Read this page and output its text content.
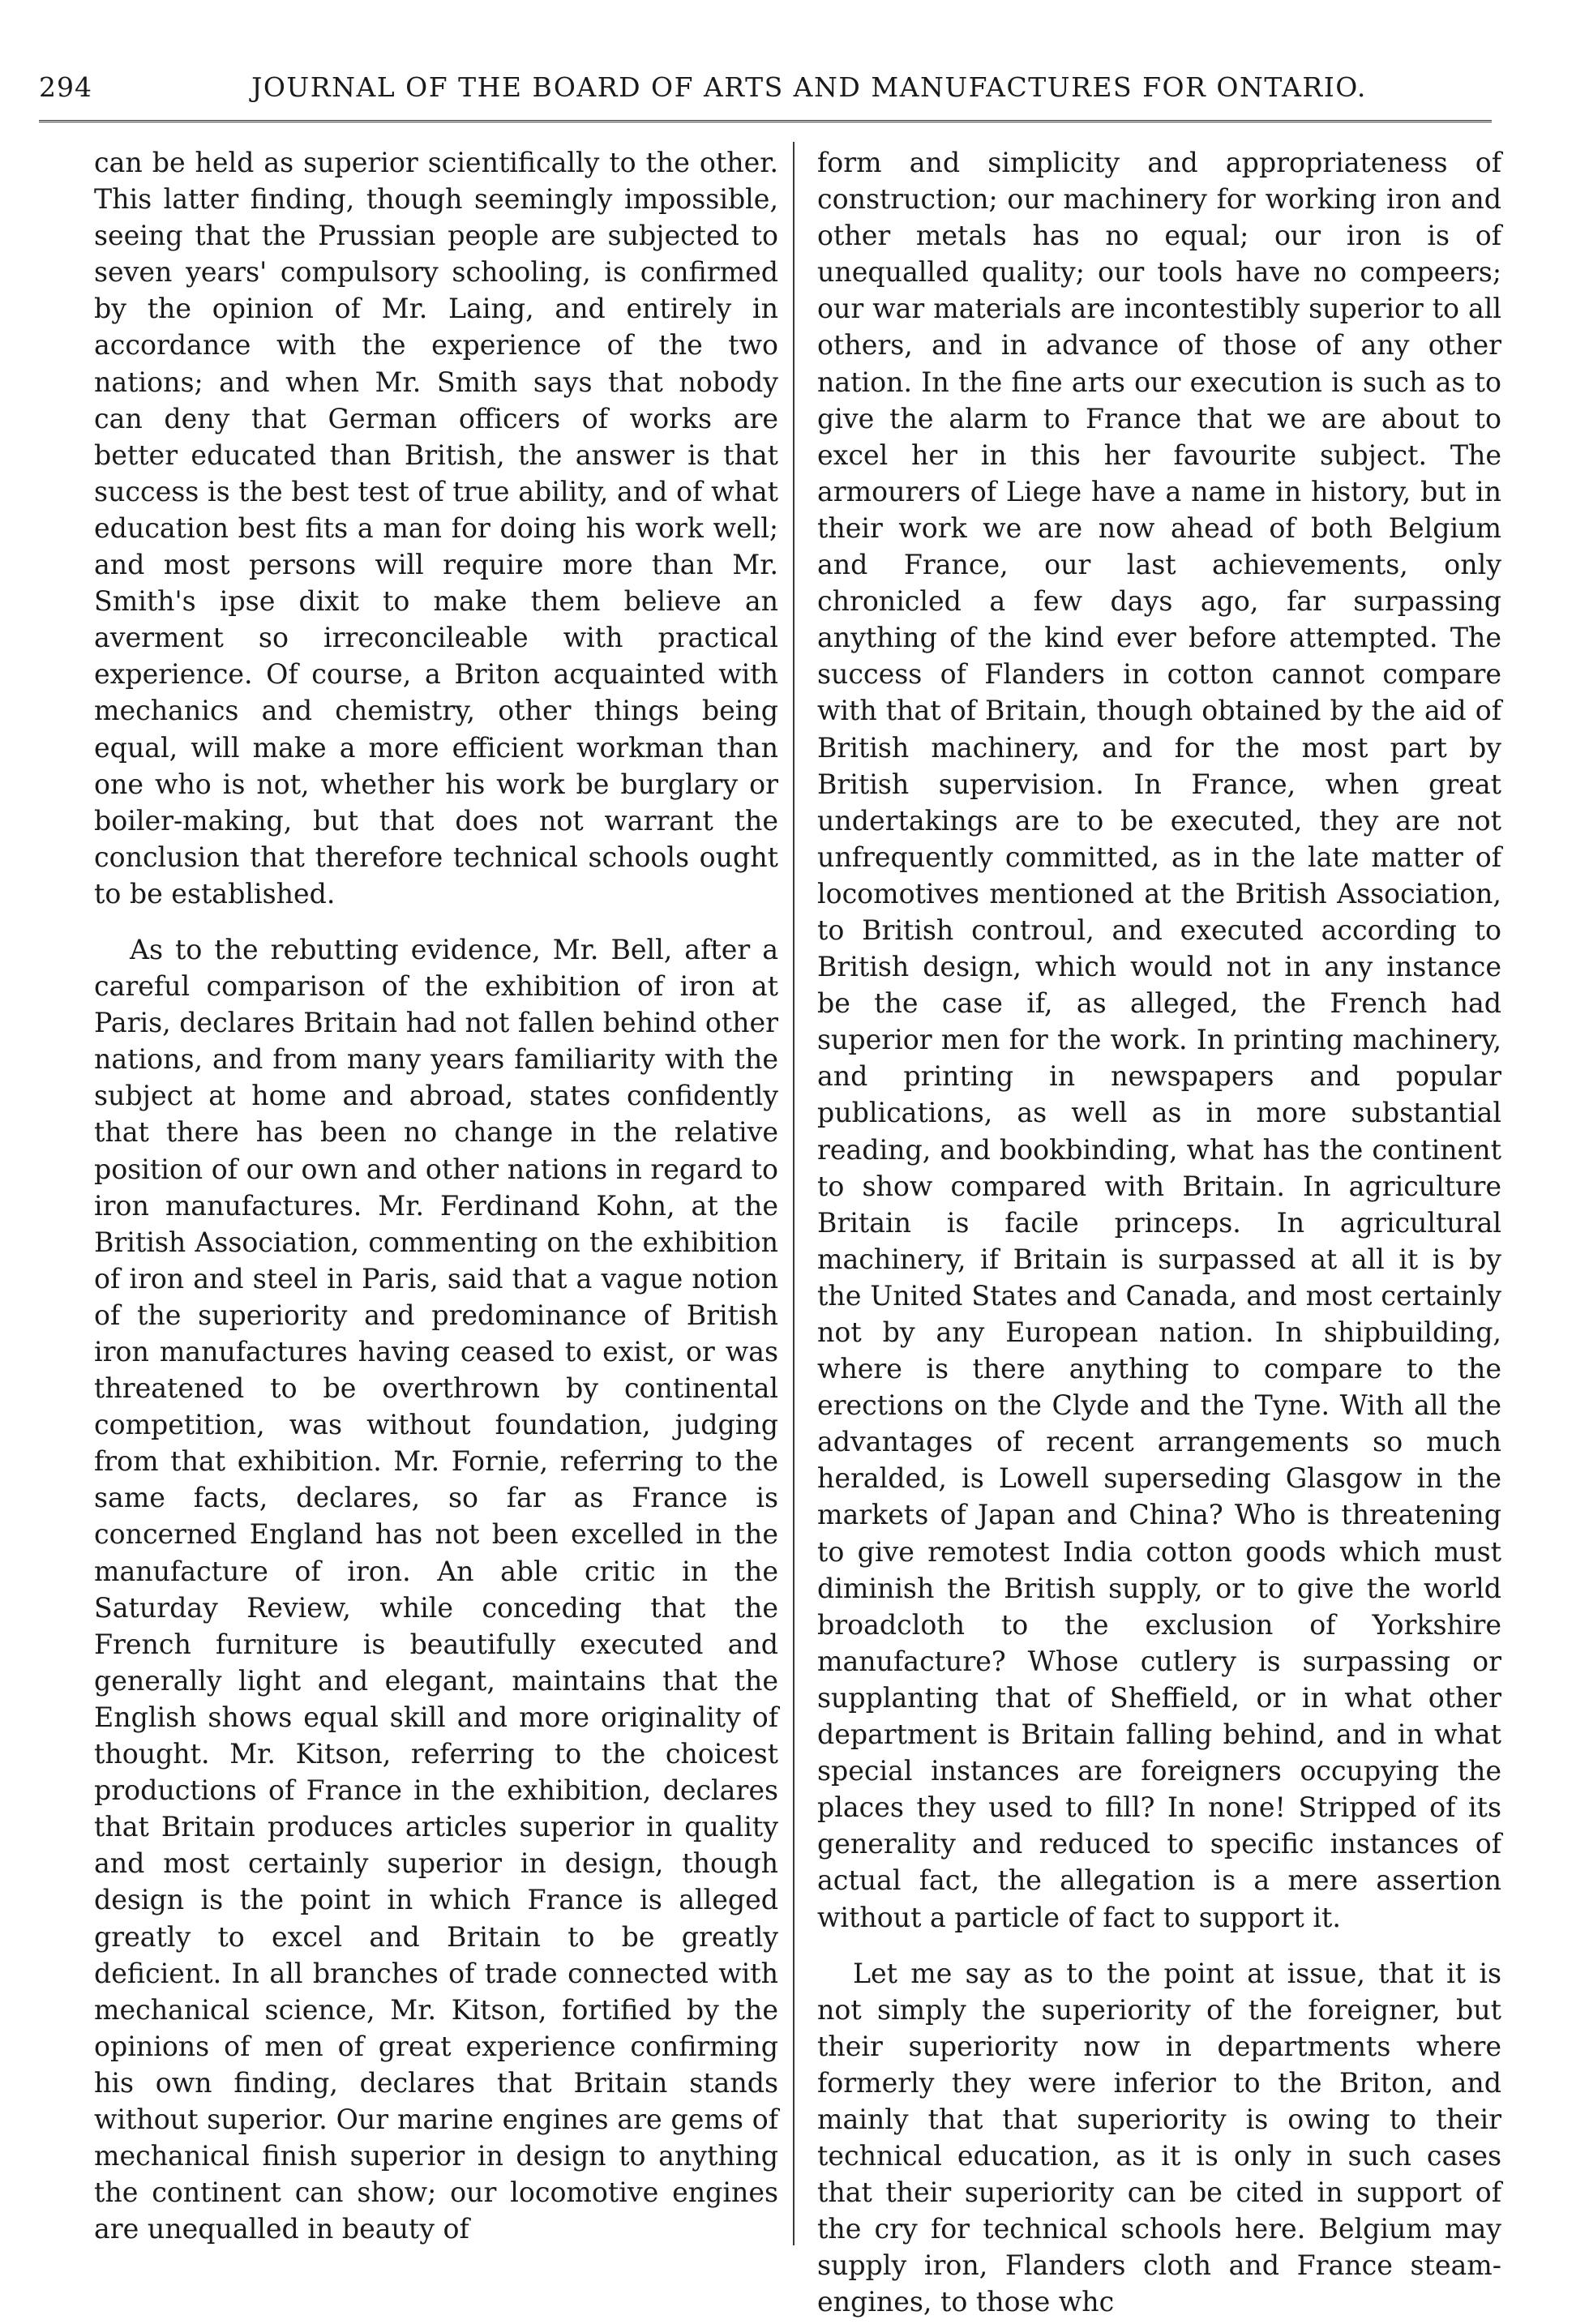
294	JOURNAL OF THE BOARD OF ARTS AND MANUFACTURES FOR ONTARIO.

can be held as superior scientifically to the other. This latter finding, though seemingly impossible, seeing that the Prussian people are subjected to seven years' compulsory schooling, is confirmed by the opinion of Mr. Laing, and entirely in accordance with the experience of the two nations; and when Mr. Smith says that nobody can deny that German officers of works are better educated than British, the answer is that success is the best test of true ability, and of what education best fits a man for doing his work well; and most persons will require more than Mr. Smith's ipse dixit to make them believe an averment so irreconcileable with practical experience. Of course, a Briton acquainted with mechanics and chemistry, other things being equal, will make a more efficient workman than one who is not, whether his work be burglary or boiler-making, but that does not warrant the conclusion that therefore technical schools ought to be established.

As to the rebutting evidence, Mr. Bell, after a careful comparison of the exhibition of iron at Paris, declares Britain had not fallen behind other nations, and from many years familiarity with the subject at home and abroad, states confidently that there has been no change in the relative position of our own and other nations in regard to iron manufactures. Mr. Ferdinand Kohn, at the British Association, commenting on the exhibition of iron and steel in Paris, said that a vague notion of the superiority and predominance of British iron manufactures having ceased to exist, or was threatened to be overthrown by continental competition, was without foundation, judging from that exhibition. Mr. Fornie, referring to the same facts, declares, so far as France is concerned England has not been excelled in the manufacture of iron. An able critic in the Saturday Review, while conceding that the French furniture is beautifully executed and generally light and elegant, maintains that the English shows equal skill and more originality of thought. Mr. Kitson, referring to the choicest productions of France in the exhibition, declares that Britain produces articles superior in quality and most certainly superior in design, though design is the point in which France is alleged greatly to excel and Britain to be greatly deficient. In all branches of trade connected with mechanical science, Mr. Kitson, fortified by the opinions of men of great experience confirming his own finding, declares that Britain stands without superior. Our marine engines are gems of mechanical finish superior in design to anything the continent can show; our locomotive engines are unequalled in beauty of

form and simplicity and appropriateness of construction; our machinery for working iron and other metals has no equal; our iron is of unequalled quality; our tools have no compeers; our war materials are incontestibly superior to all others, and in advance of those of any other nation. In the fine arts our execution is such as to give the alarm to France that we are about to excel her in this her favourite subject. The armourers of Liege have a name in history, but in their work we are now ahead of both Belgium and France, our last achievements, only chronicled a few days ago, far surpassing anything of the kind ever before attempted. The success of Flanders in cotton cannot compare with that of Britain, though obtained by the aid of British machinery, and for the most part by British supervision. In France, when great undertakings are to be executed, they are not unfrequently committed, as in the late matter of locomotives mentioned at the British Association, to British controul, and executed according to British design, which would not in any instance be the case if, as alleged, the French had superior men for the work. In printing machinery, and printing in newspapers and popular publications, as well as in more substantial reading, and bookbinding, what has the continent to show compared with Britain. In agriculture Britain is facile princeps. In agricultural machinery, if Britain is surpassed at all it is by the United States and Canada, and most certainly not by any European nation. In shipbuilding, where is there anything to compare to the erections on the Clyde and the Tyne. With all the advantages of recent arrangements so much heralded, is Lowell superseding Glasgow in the markets of Japan and China? Who is threatening to give remotest India cotton goods which must diminish the British supply, or to give the world broadcloth to the exclusion of Yorkshire manufacture? Whose cutlery is surpassing or supplanting that of Sheffield, or in what other department is Britain falling behind, and in what special instances are foreigners occupying the places they used to fill? In none! Stripped of its generality and reduced to specific instances of actual fact, the allegation is a mere assertion without a particle of fact to support it.

Let me say as to the point at issue, that it is not simply the superiority of the foreigner, but their superiority now in departments where formerly they were inferior to the Briton, and mainly that that superiority is owing to their technical education, as it is only in such cases that their superiority can be cited in support of the cry for technical schools here. Belgium may supply iron, Flanders cloth and France steam-engines, to those whc
